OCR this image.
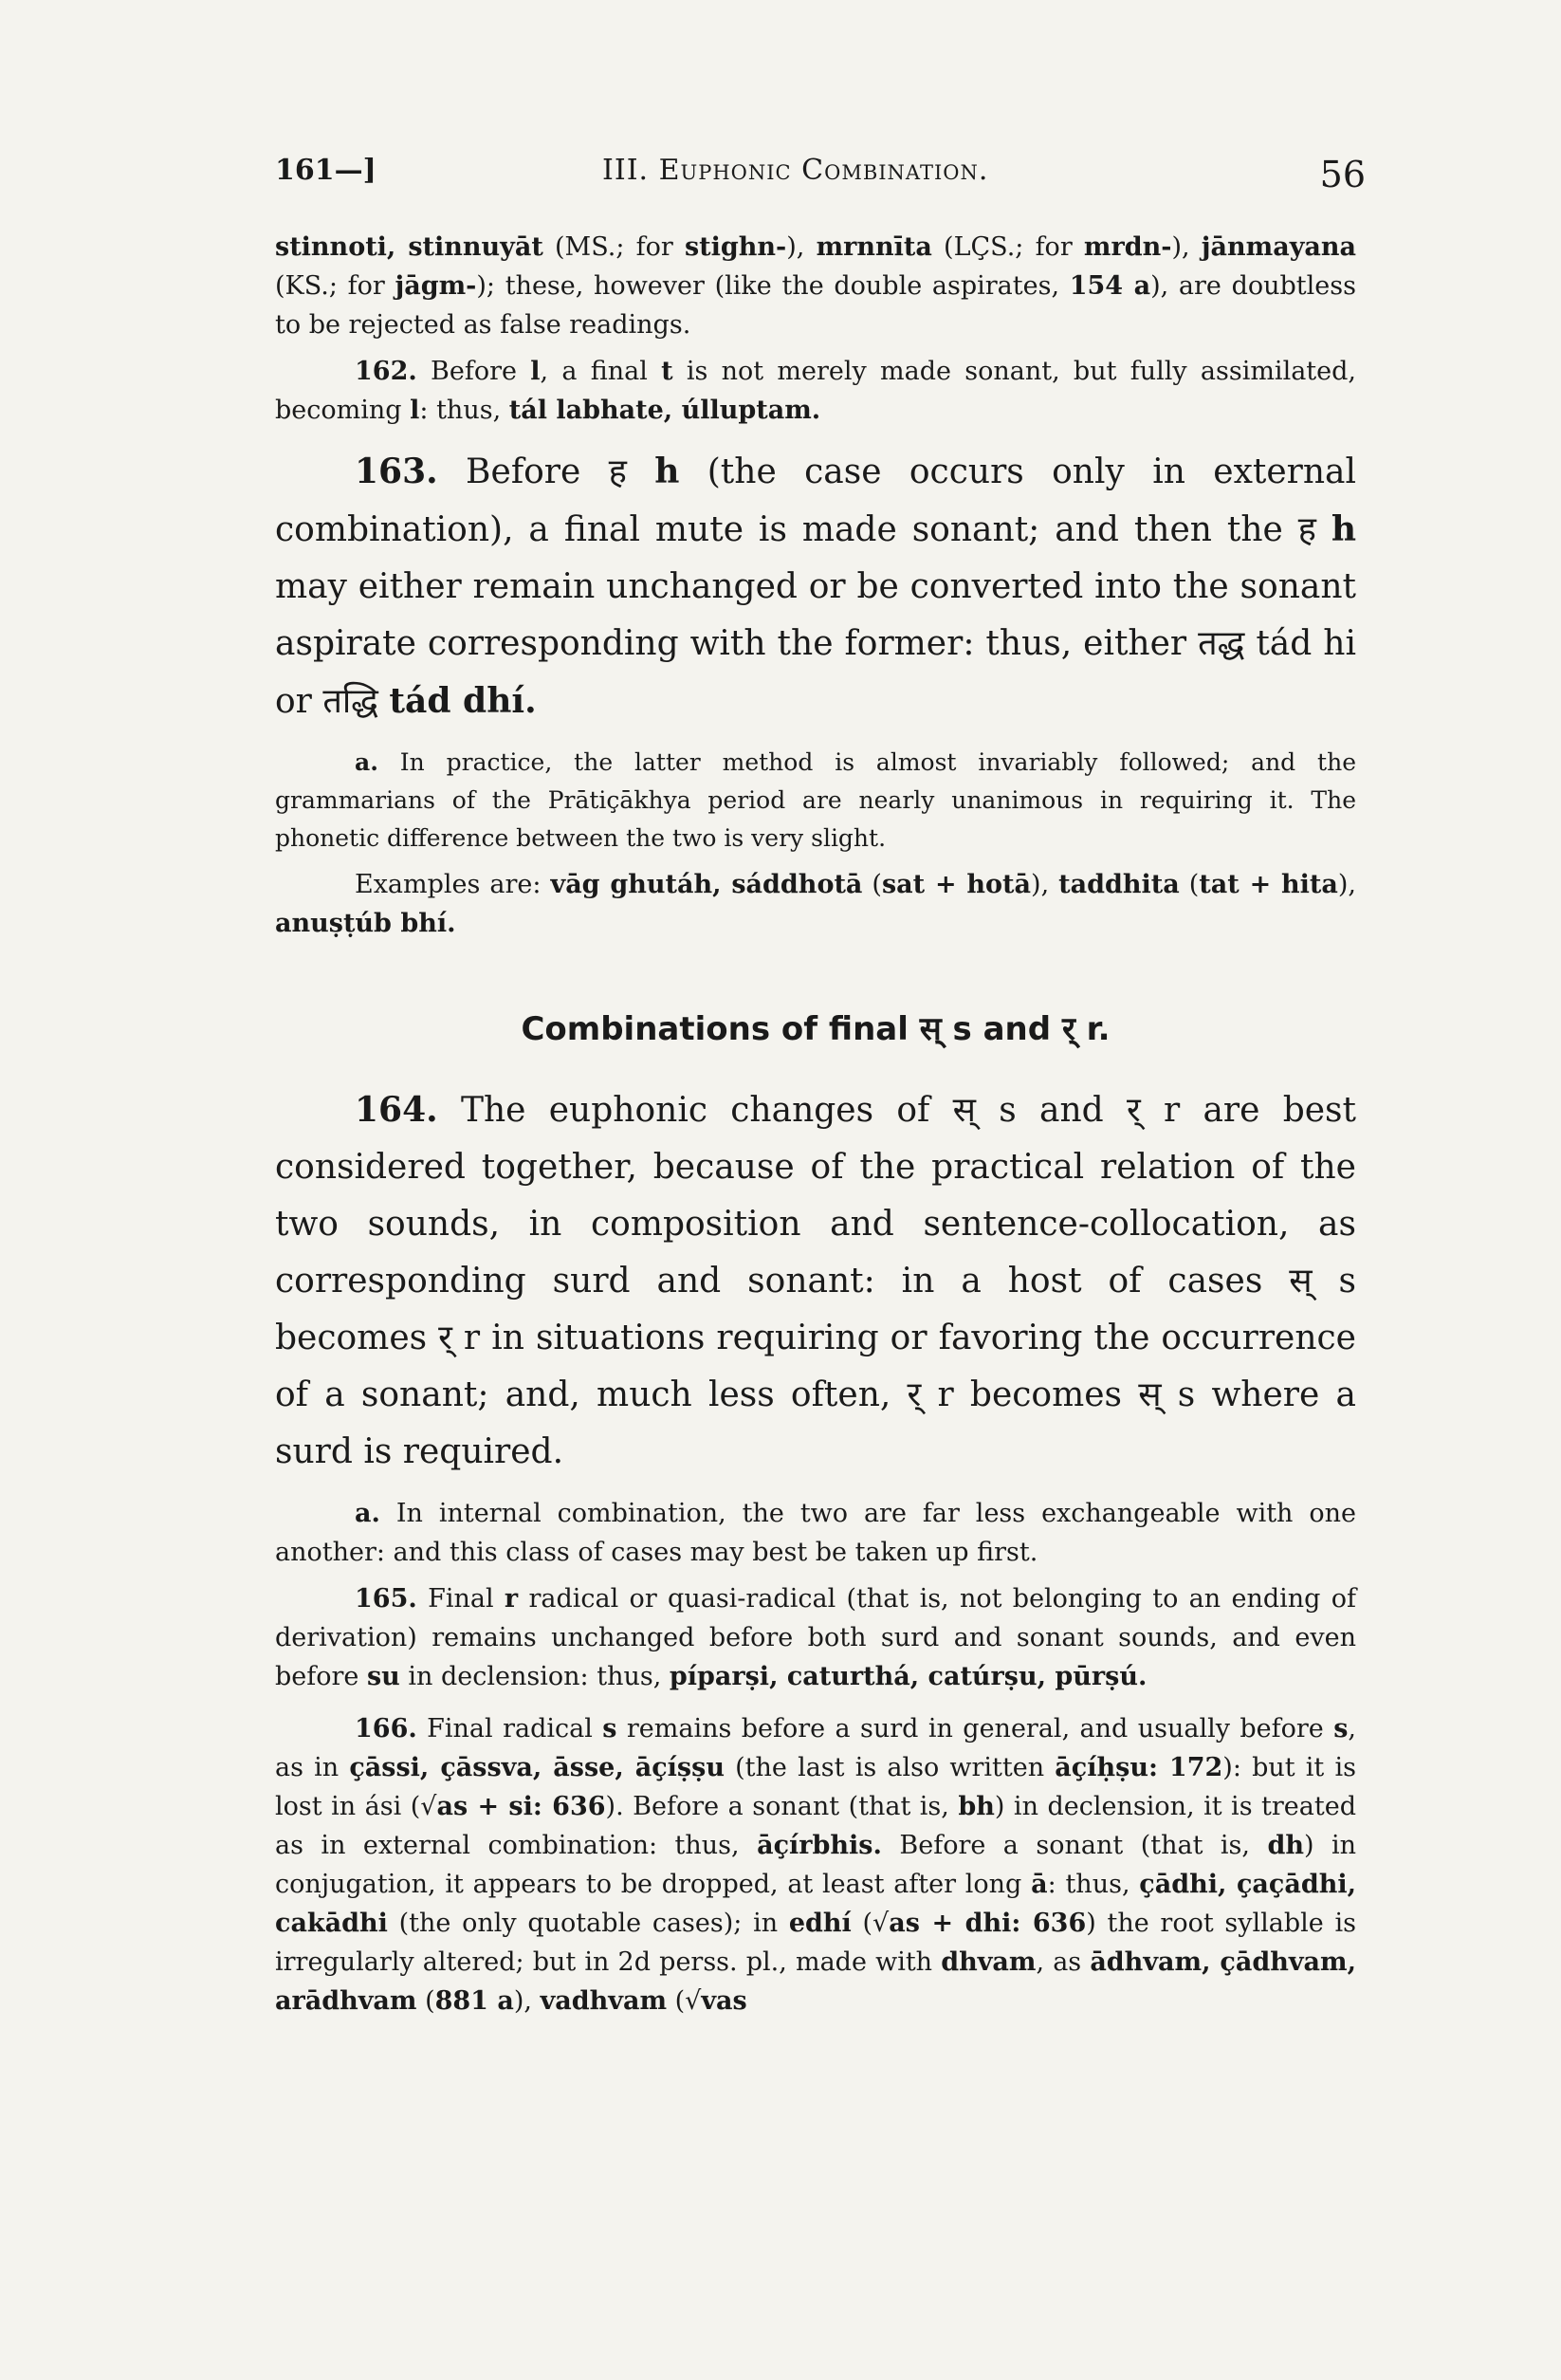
161—]	III. Euphonic Combination.	56

stinnoti, stinnuyāt (MS.; for stighn-), mrnnīta (LÇS.; for mrdn-), jānmayana (KS.; for jāgm-); these, however (like the double aspirates, 154 a), are doubtless to be rejected as false readings.

162. Before l, a final t is not merely made sonant, but fully assimilated, becoming l: thus, tál labhate, úlluptam.

163. Before ह h (the case occurs only in external combination), a final mute is made sonant; and then the ह h may either remain unchanged or be converted into the sonant aspirate corresponding with the former: thus, either तद्ध tád hi or तद्धि tád dhí.

a. In practice, the latter method is almost invariably followed; and the grammarians of the Prātiçākhya period are nearly unanimous in requiring it. The phonetic difference between the two is very slight.

Examples are: vāg ghutáh, sáddhotā (sat + hotā), taddhita (tat + hita), anuṣṭúb bhí.

Combinations of final स् s and र् r.

164. The euphonic changes of स् s and र् r are best considered together, because of the practical relation of the two sounds, in composition and sentence-collocation, as corresponding surd and sonant: in a host of cases स् s becomes र् r in situations requiring or favoring the occurrence of a sonant; and, much less often, र् r becomes स् s where a surd is required.

a. In internal combination, the two are far less exchangeable with one another: and this class of cases may best be taken up first.

165. Final r radical or quasi-radical (that is, not belonging to an ending of derivation) remains unchanged before both surd and sonant sounds, and even before su in declension: thus, píparṣi, caturthá, catúrṣu, pūrṣú.

166. Final radical s remains before a surd in general, and usually before s, as in çāssi, çāssva, āsse, āçíṣṣu (the last is also written āçíḥṣu: 172): but it is lost in ási (√as + si: 636). Before a sonant (that is, bh) in declension, it is treated as in external combination: thus, āçírbhis. Before a sonant (that is, dh) in conjugation, it appears to be dropped, at least after long ā: thus, çādhi, çaçādhi, cakādhi (the only quotable cases); in edhí (√as + dhi: 636) the root syllable is irregularly altered; but in 2d perss. pl., made with dhvam, as ādhvam, çādhvam, arādhvam (881 a), vadhvam (√vas
